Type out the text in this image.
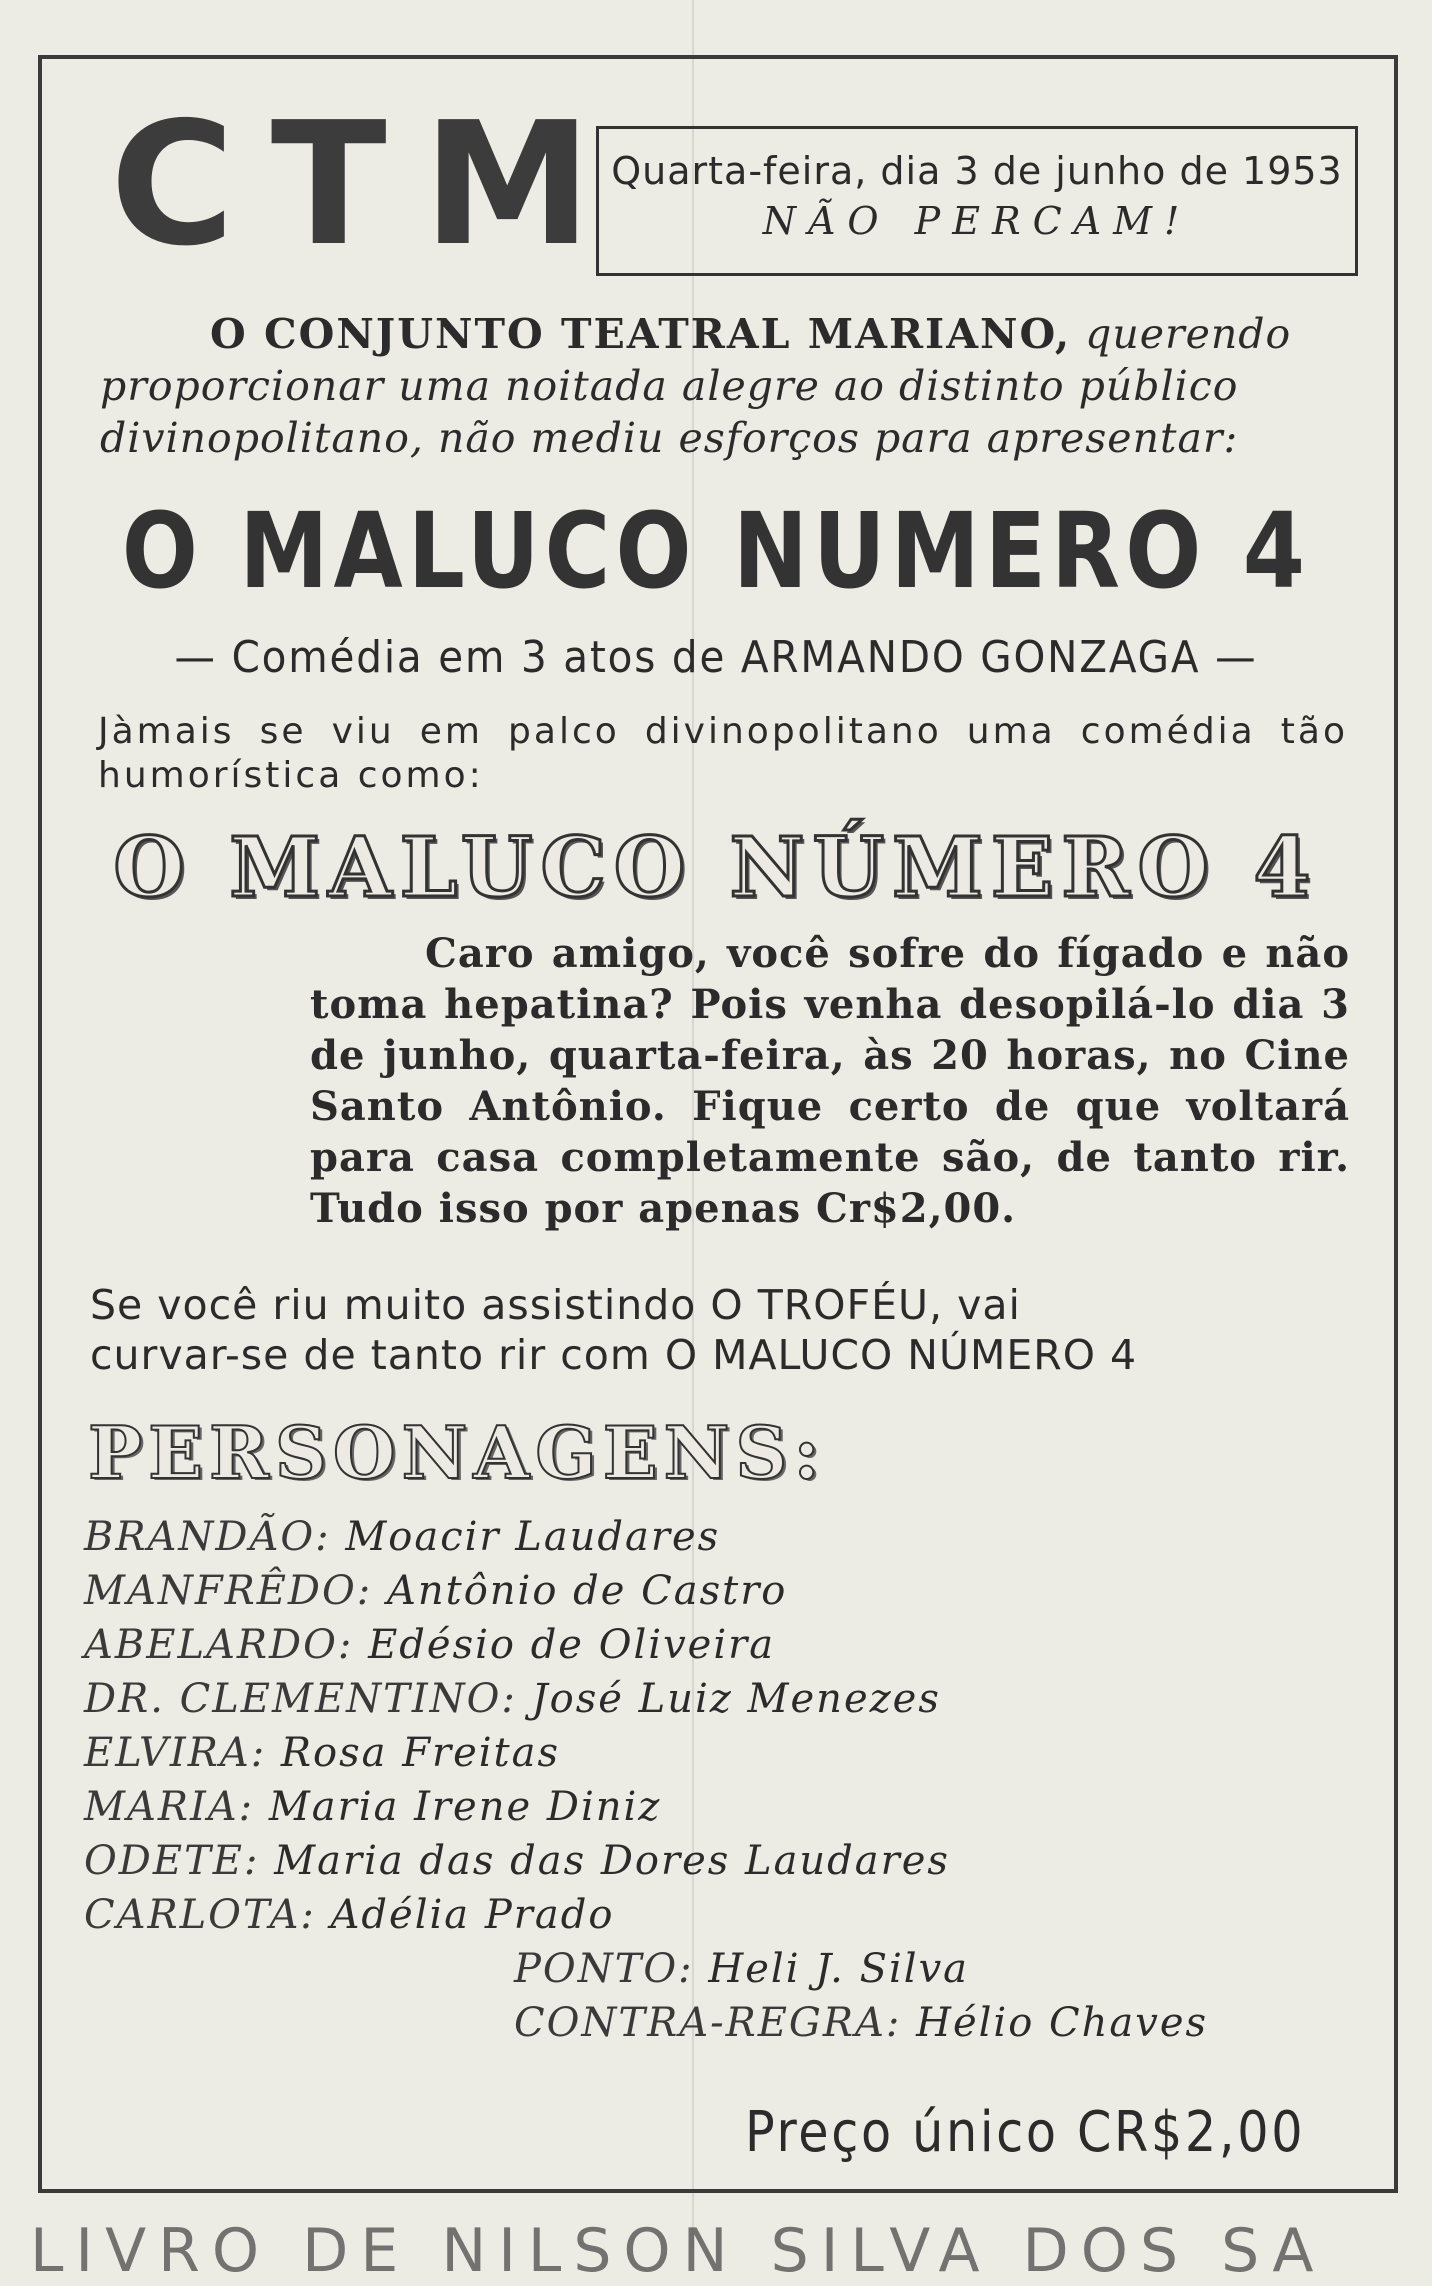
CTM
Quarta-feira, dia 3 de junho de 1953
NÃO PERCAM!

O CONJUNTO TEATRAL MARIANO, querendo proporcionar uma noitada alegre ao distinto público divinopolitano, não mediu esforços para apresentar:

O MALUCO NUMERO 4
— Comédia em 3 atos de ARMANDO GONZAGA —

Jàmais se viu em palco divinopolitano uma comédia tão humorística como:

O MALUCO NÚMERO 4

Caro amigo, você sofre do fígado e não toma hepatina? Pois venha desopilá-lo dia 3 de junho, quarta-feira, às 20 horas, no Cine Santo Antônio. Fique certo de que voltará para casa completamente são, de tanto rir. Tudo isso por apenas Cr$2,00.

Se você riu muito assistindo O TROFÉU, vai
curvar-se de tanto rir com O MALUCO NÚMERO 4
PERSONAGENS:
BRANDÃO: Moacir Laudares
MANFRÊDO: Antônio de Castro
ABELARDO: Edésio de Oliveira
DR. CLEMENTINO: José Luiz Menezes
ELVIRA: Rosa Freitas
MARIA: Maria Irene Diniz
ODETE: Maria das das Dores Laudares
CARLOTA: Adélia Prado
PONTO: Heli J. Silva
CONTRA-REGRA: Hélio Chaves
Preço único CR$2,00
LIVRO DE NILSON SILVA DOS SA
